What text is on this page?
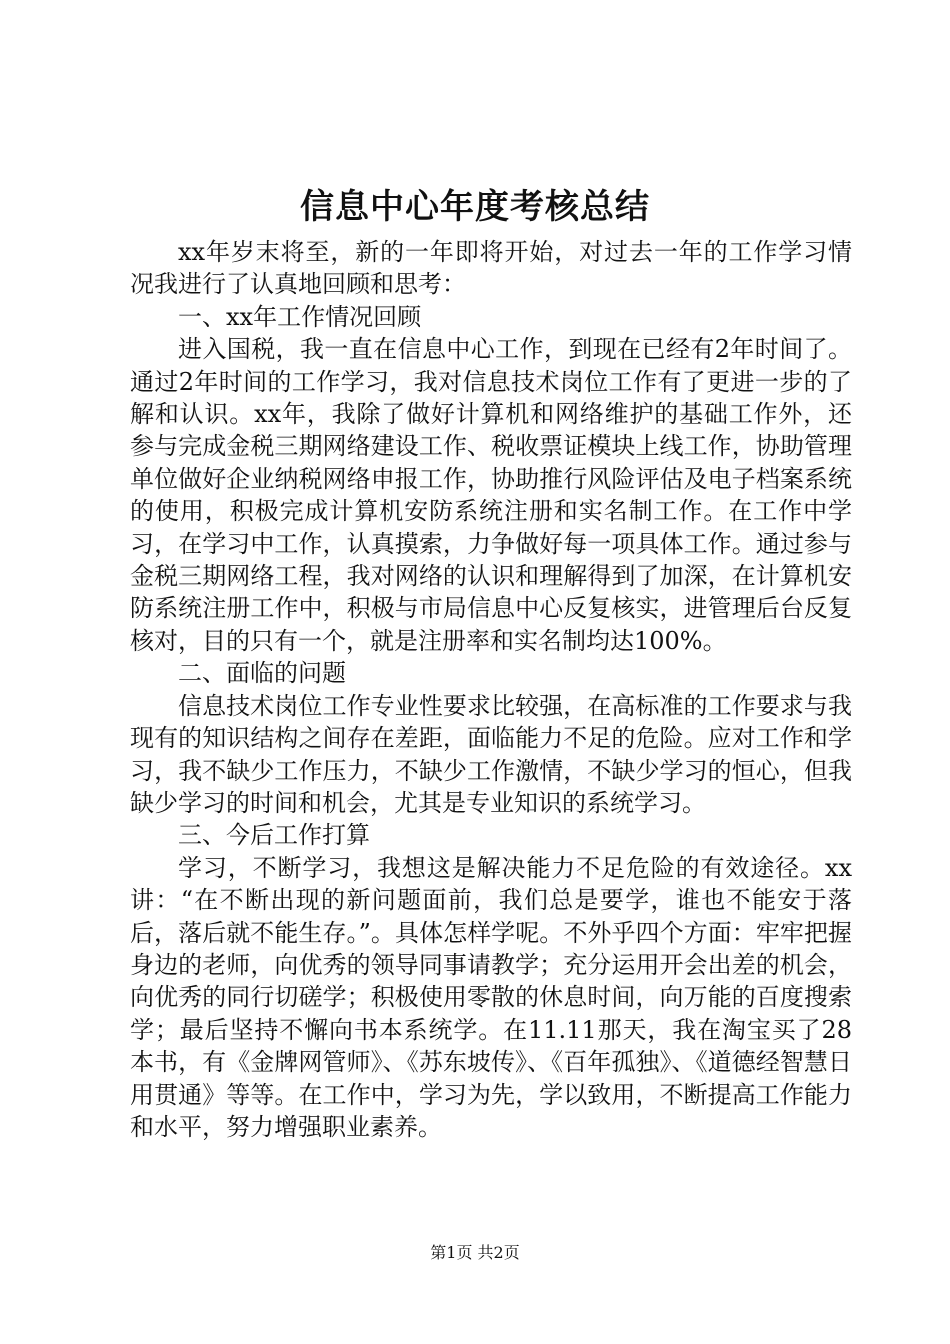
信息中心年度考核总结

xx年岁末将至，新的一年即将开始，对过去一年的工作学习情况我进行了认真地回顾和思考：

一、xx年工作情况回顾

进入国税，我一直在信息中心工作，到现在已经有2年时间了。通过2年时间的工作学习，我对信息技术岗位工作有了更进一步的了解和认识。xx年，我除了做好计算机和网络维护的基础工作外，还参与完成金税三期网络建设工作、税收票证模块上线工作，协助管理单位做好企业纳税网络申报工作，协助推行风险评估及电子档案系统的使用，积极完成计算机安防系统注册和实名制工作。在工作中学习，在学习中工作，认真摸索，力争做好每一项具体工作。通过参与金税三期网络工程，我对网络的认识和理解得到了加深，在计算机安防系统注册工作中，积极与市局信息中心反复核实，进管理后台反复核对，目的只有一个，就是注册率和实名制均达100%。

二、面临的问题

信息技术岗位工作专业性要求比较强，在高标准的工作要求与我现有的知识结构之间存在差距，面临能力不足的危险。应对工作和学习，我不缺少工作压力，不缺少工作激情，不缺少学习的恒心，但我缺少学习的时间和机会，尤其是专业知识的系统学习。

三、今后工作打算

学习，不断学习，我想这是解决能力不足危险的有效途径。xx讲：“在不断出现的新问题面前，我们总是要学，谁也不能安于落后，落后就不能生存。”。具体怎样学呢。不外乎四个方面：牢牢把握身边的老师，向优秀的领导同事请教学；充分运用开会出差的机会，向优秀的同行切磋学；积极使用零散的休息时间，向万能的百度搜索学；最后坚持不懈向书本系统学。在11.11那天，我在淘宝买了28本书，有《金牌网管师》、《苏东坡传》、《百年孤独》、《道德经智慧日用贯通》等等。在工作中，学习为先，学以致用，不断提高工作能力和水平，努力增强职业素养。

第1页 共2页
